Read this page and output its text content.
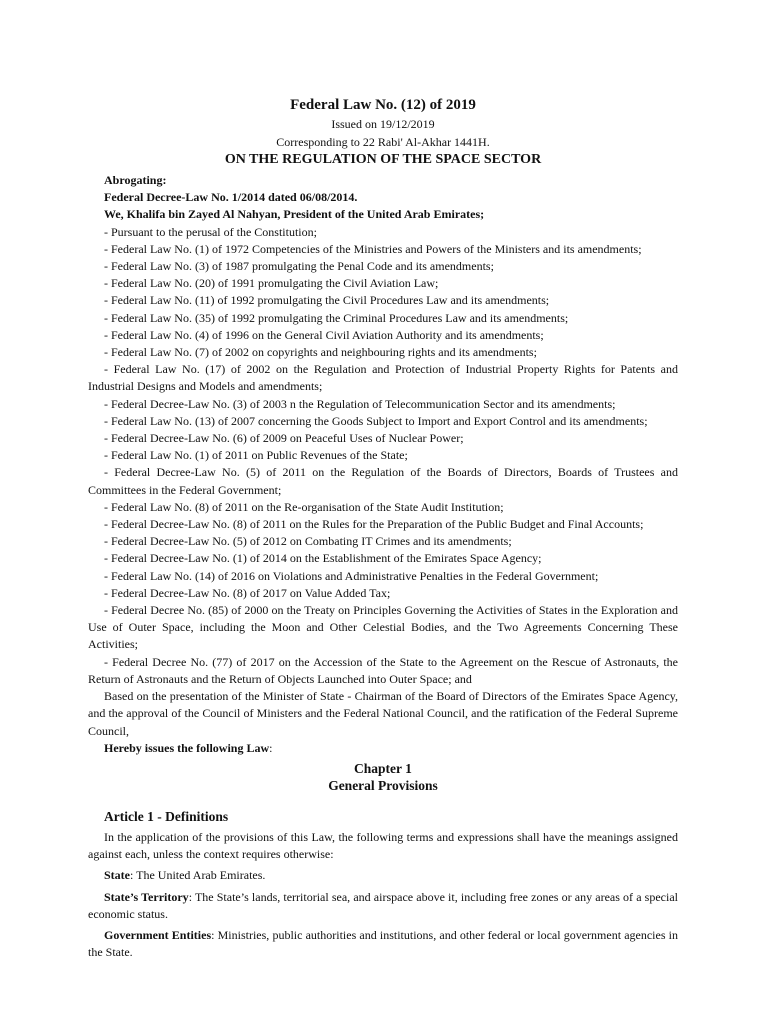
Federal Law No. (12) of 2019
Issued on 19/12/2019
Corresponding to 22 Rabi' Al-Akhar 1441H.
ON THE REGULATION OF THE SPACE SECTOR
Abrogating:
Federal Decree-Law No. 1/2014 dated 06/08/2014.
We, Khalifa bin Zayed Al Nahyan, President of the United Arab Emirates;
- Pursuant to the perusal of the Constitution;
- Federal Law No. (1) of 1972 Competencies of the Ministries and Powers of the Ministers and its amendments;
- Federal Law No. (3) of 1987 promulgating the Penal Code and its amendments;
- Federal Law No. (20) of 1991 promulgating the Civil Aviation Law;
- Federal Law No. (11) of 1992 promulgating the Civil Procedures Law and its amendments;
- Federal Law No. (35) of 1992 promulgating the Criminal Procedures Law and its amendments;
- Federal Law No. (4) of 1996 on the General Civil Aviation Authority and its amendments;
- Federal Law No. (7) of 2002 on copyrights and neighbouring rights and its amendments;
- Federal Law No. (17) of 2002 on the Regulation and Protection of Industrial Property Rights for Patents and Industrial Designs and Models and amendments;
- Federal Decree-Law No. (3) of 2003 n the Regulation of Telecommunication Sector and its amendments;
- Federal Law No. (13) of 2007 concerning the Goods Subject to Import and Export Control and its amendments;
- Federal Decree-Law No. (6) of 2009 on Peaceful Uses of Nuclear Power;
- Federal Law No. (1) of 2011 on Public Revenues of the State;
- Federal Decree-Law No. (5) of 2011 on the Regulation of the Boards of Directors, Boards of Trustees and Committees in the Federal Government;
- Federal Law No. (8) of 2011 on the Re-organisation of the State Audit Institution;
- Federal Decree-Law No. (8) of 2011 on the Rules for the Preparation of the Public Budget and Final Accounts;
- Federal Decree-Law No. (5) of 2012 on Combating IT Crimes and its amendments;
- Federal Decree-Law No. (1) of 2014 on the Establishment of the Emirates Space Agency;
- Federal Law No. (14) of 2016 on Violations and Administrative Penalties in the Federal Government;
- Federal Decree-Law No. (8) of 2017 on Value Added Tax;
- Federal Decree No. (85) of 2000 on the Treaty on Principles Governing the Activities of States in the Exploration and Use of Outer Space, including the Moon and Other Celestial Bodies, and the Two Agreements Concerning These Activities;
- Federal Decree No. (77) of 2017 on the Accession of the State to the Agreement on the Rescue of Astronauts, the Return of Astronauts and the Return of Objects Launched into Outer Space; and
Based on the presentation of the Minister of State - Chairman of the Board of Directors of the Emirates Space Agency, and the approval of the Council of Ministers and the Federal National Council, and the ratification of the Federal Supreme Council,
Hereby issues the following Law:
Chapter 1
General Provisions
Article 1 - Definitions
In the application of the provisions of this Law, the following terms and expressions shall have the meanings assigned against each, unless the context requires otherwise:
State: The United Arab Emirates.
State’s Territory: The State’s lands, territorial sea, and airspace above it, including free zones or any areas of a special economic status.
Government Entities: Ministries, public authorities and institutions, and other federal or local government agencies in the State.
